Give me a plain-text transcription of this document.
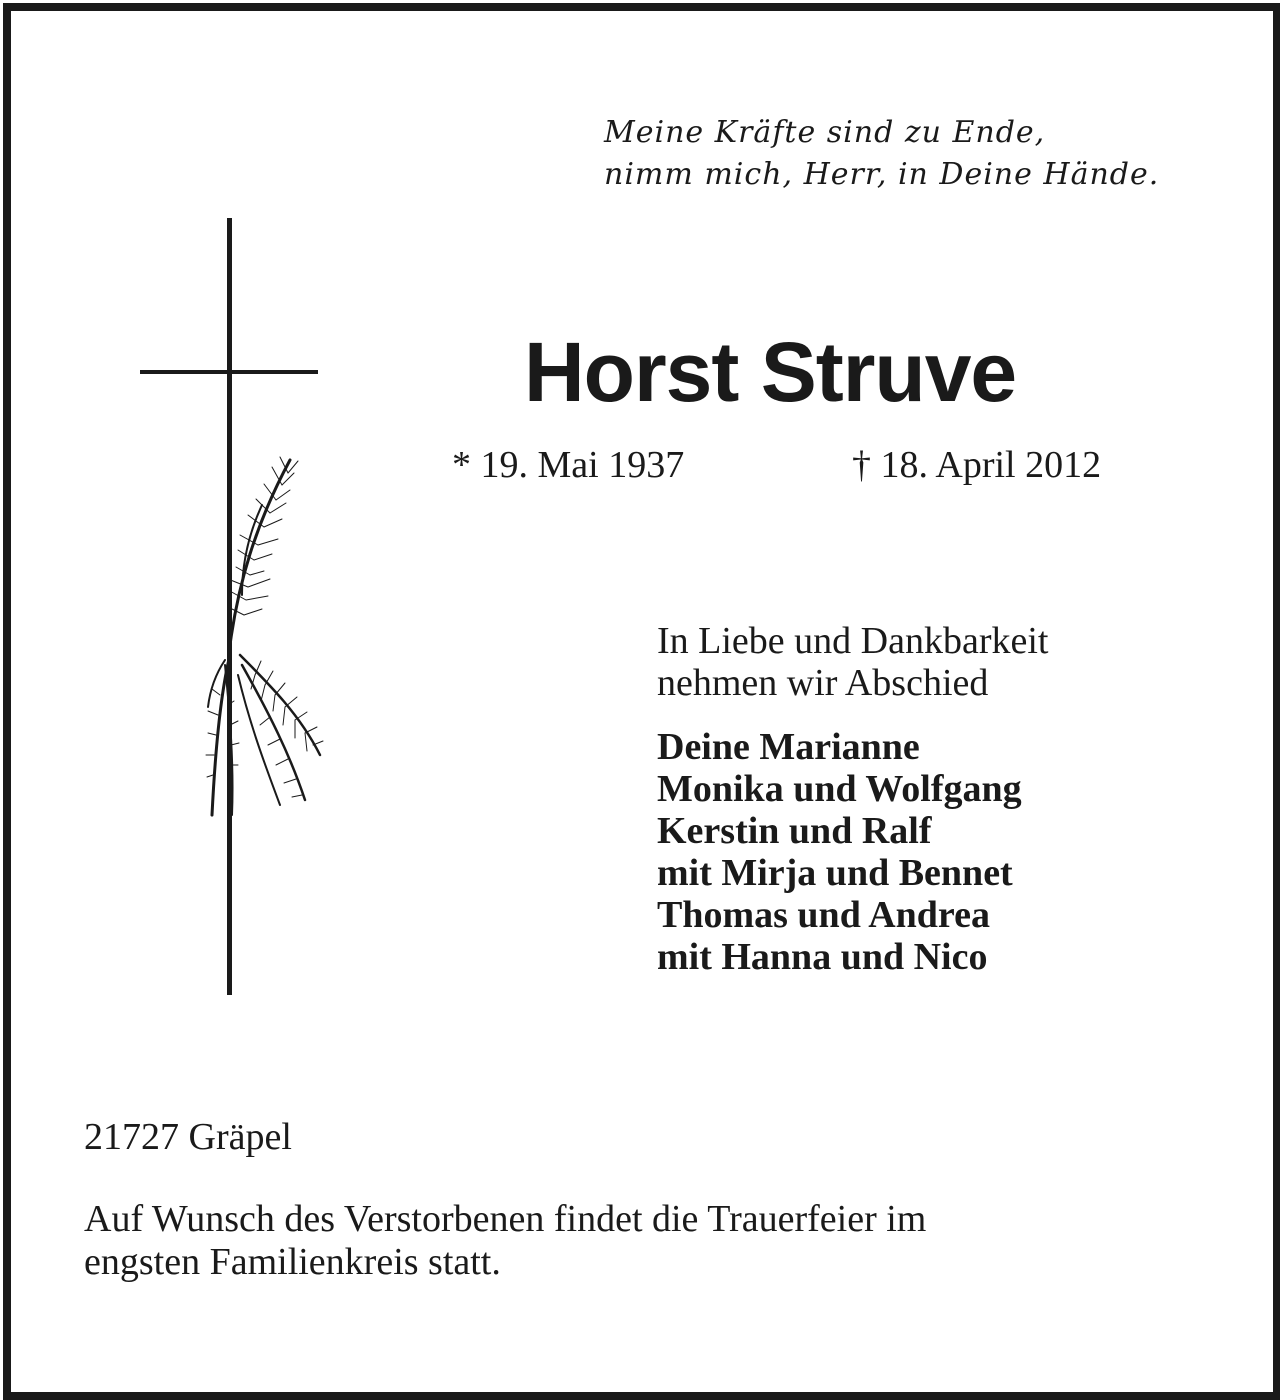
Meine Kräfte sind zu Ende,
nimm mich, Herr, in Deine Hände.
Horst Struve
* 19. Mai 1937	† 18. April 2012
In Liebe und Dankbarkeit
nehmen wir Abschied
Deine Marianne
Monika und Wolfgang
Kerstin und Ralf
mit Mirja und Bennet
Thomas und Andrea
mit Hanna und Nico
21727 Gräpel
Auf Wunsch des Verstorbenen findet die Trauerfeier im
engsten Familienkreis statt.
